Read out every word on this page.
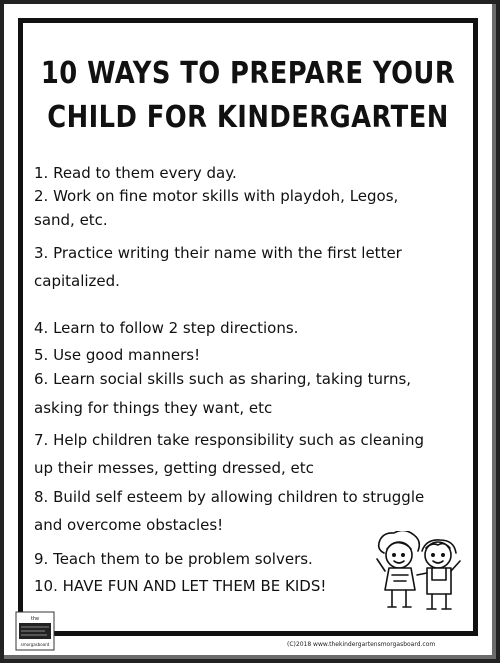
10 WAYS TO PREPARE YOUR
CHILD FOR KINDERGARTEN
1. Read to them every day.
2. Work on fine motor skills with playdoh, Legos,
sand, etc.
3. Practice writing their name with the first letter
capitalized.
4. Learn to follow 2 step directions.
5. Use good manners!
6. Learn social skills such as sharing, taking turns,
asking for things they want, etc
7. Help children take responsibility such as cleaning
up their messes, getting dressed, etc
8. Build self esteem by allowing children to struggle
and overcome obstacles!
9. Teach them to be problem solvers.
10. HAVE FUN AND LET THEM BE KIDS!
the
smorgasboard	(C)2018 www.thekindergartensmorgasboard.com
